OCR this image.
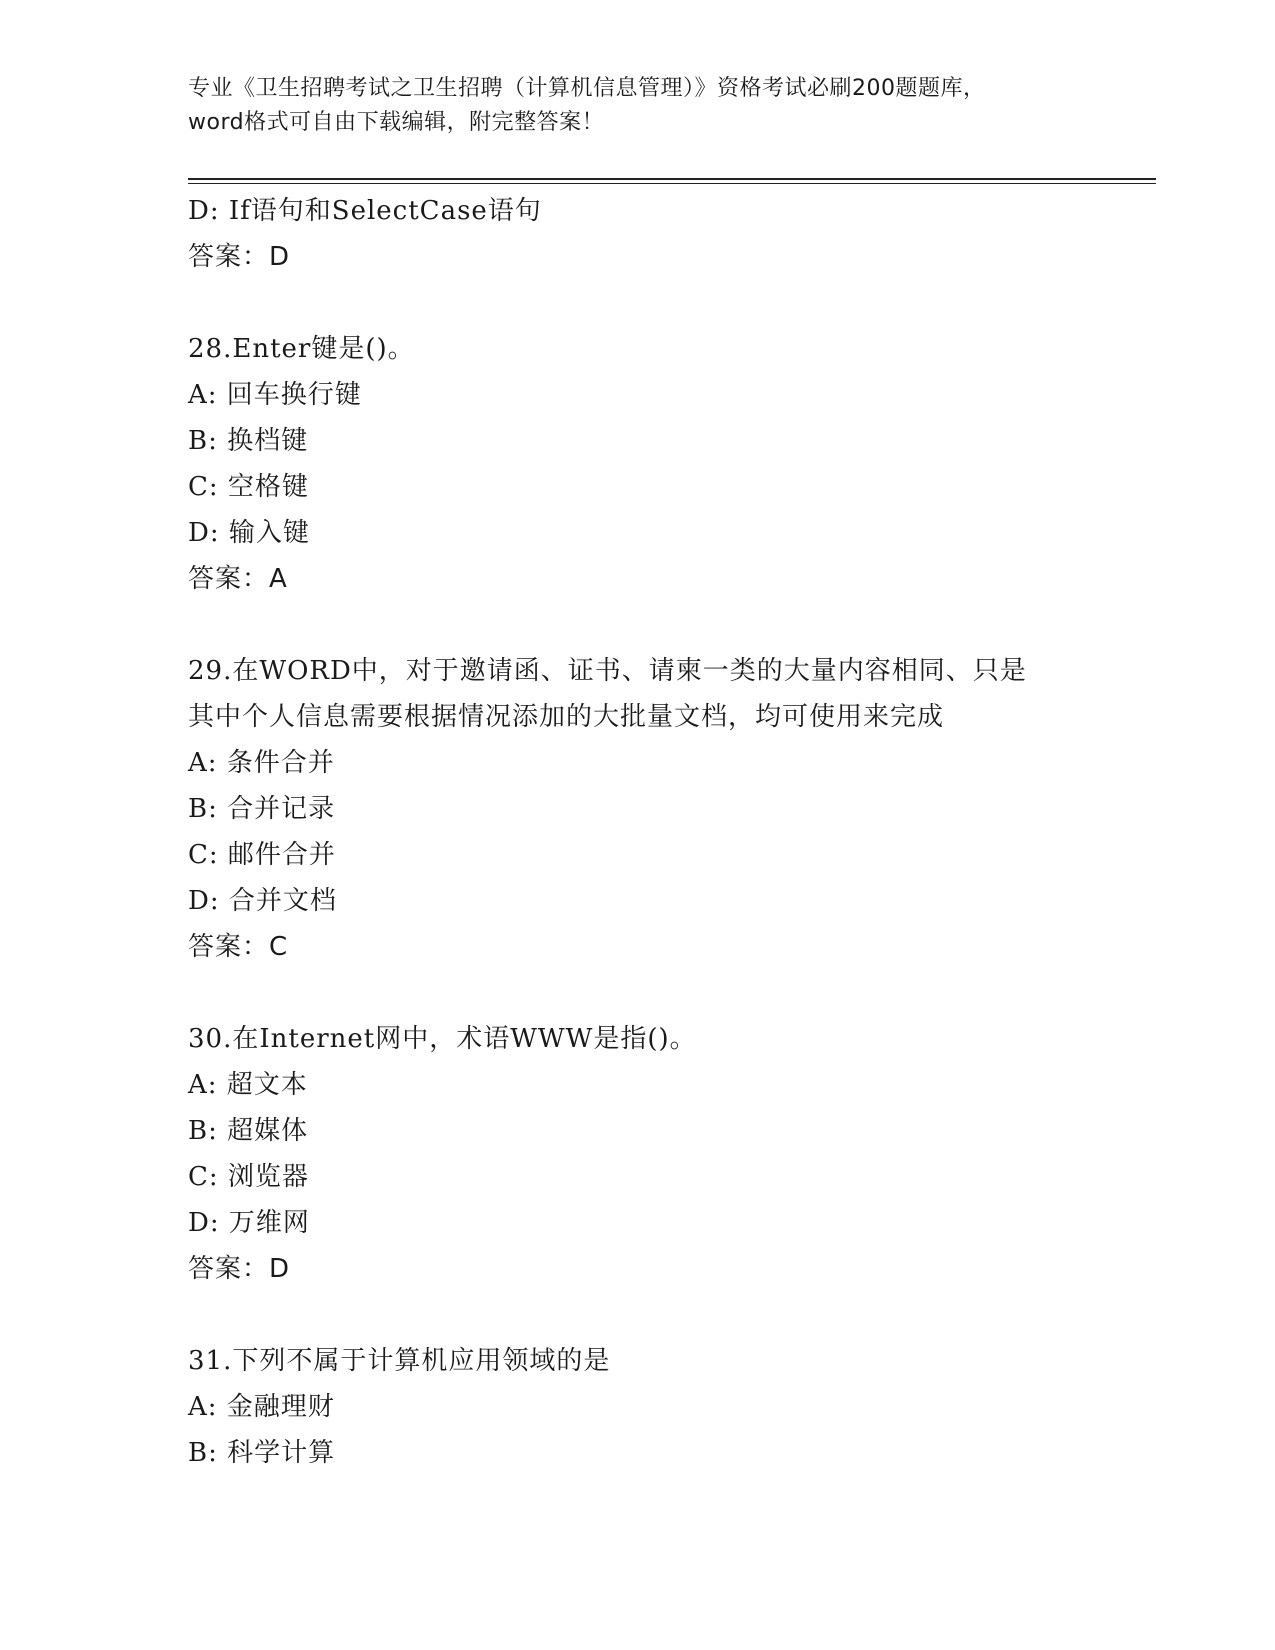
专业《卫生招聘考试之卫生招聘（计算机信息管理）》资格考试必刷200题题库，
word格式可自由下载编辑，附完整答案！
D: If语句和SelectCase语句
答案：D
28.Enter键是()。
A: 回车换行键
B: 换档键
C: 空格键
D: 输入键
答案：A
29.在WORD中，对于邀请函、证书、请柬一类的大量内容相同、只是
其中个人信息需要根据情况添加的大批量文档，均可使用来完成
A: 条件合并
B: 合并记录
C: 邮件合并
D: 合并文档
答案：C
30.在Internet网中，术语WWW是指()。
A: 超文本
B: 超媒体
C: 浏览器
D: 万维网
答案：D
31.下列不属于计算机应用领域的是
A: 金融理财
B: 科学计算
